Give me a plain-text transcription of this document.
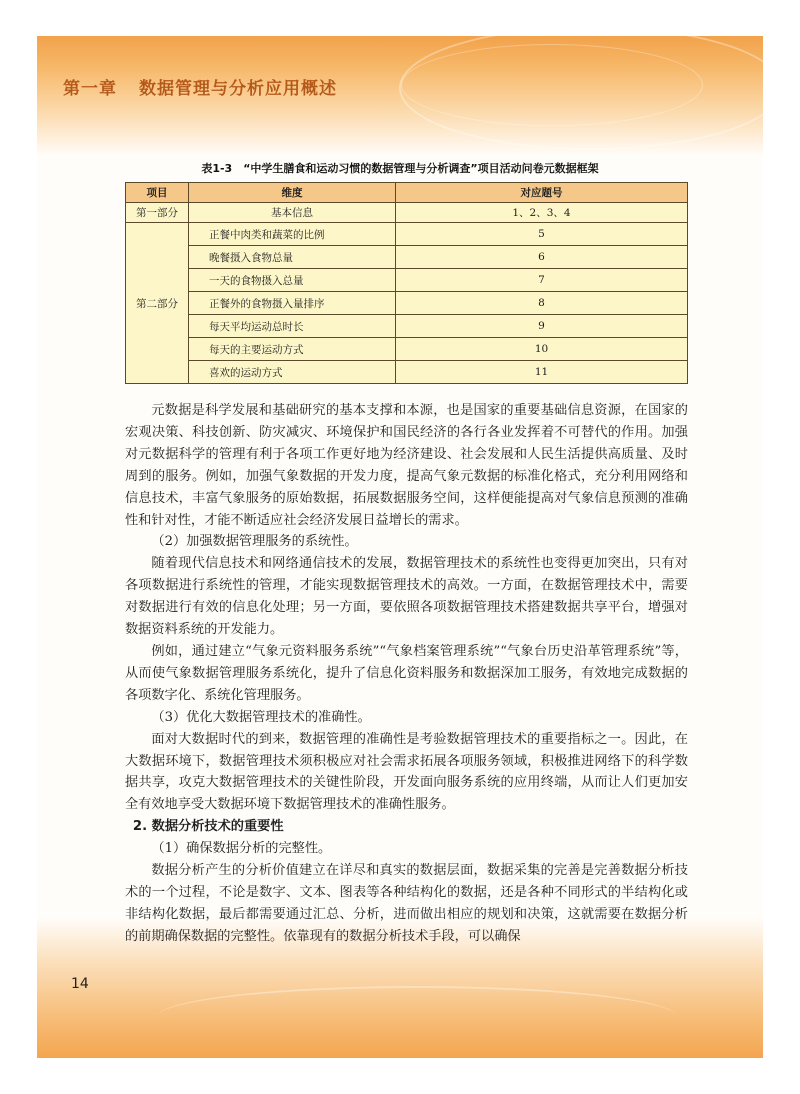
第一章 数据管理与分析应用概述
14
表1-3　“中学生膳食和运动习惯的数据管理与分析调查”项目活动问卷元数据框架
项目	维度	对应题号
第一部分	基本信息	1、2、3、4
第二部分	正餐中肉类和蔬菜的比例	5
	晚餐摄入食物总量	6
	一天的食物摄入总量	7
	正餐外的食物摄入量排序	8
	每天平均运动总时长	9
	每天的主要运动方式	10
	喜欢的运动方式	11

元数据是科学发展和基础研究的基本支撑和本源，也是国家的重要基础信息资源，在国家的宏观决策、科技创新、防灾减灾、环境保护和国民经济的各行各业发挥着不可替代的作用。加强对元数据科学的管理有利于各项工作更好地为经济建设、社会发展和人民生活提供高质量、及时周到的服务。例如，加强气象数据的开发力度，提高气象元数据的标准化格式，充分利用网络和信息技术，丰富气象服务的原始数据，拓展数据服务空间，这样便能提高对气象信息预测的准确性和针对性，才能不断适应社会经济发展日益增长的需求。

（2）加强数据管理服务的系统性。

随着现代信息技术和网络通信技术的发展，数据管理技术的系统性也变得更加突出，只有对各项数据进行系统性的管理，才能实现数据管理技术的高效。一方面，在数据管理技术中，需要对数据进行有效的信息化处理；另一方面，要依照各项数据管理技术搭建数据共享平台，增强对数据资料系统的开发能力。

例如，通过建立“气象元资料服务系统”“气象档案管理系统”“气象台历史沿革管理系统”等，从而使气象数据管理服务系统化，提升了信息化资料服务和数据深加工服务，有效地完成数据的各项数字化、系统化管理服务。

（3）优化大数据管理技术的准确性。

面对大数据时代的到来，数据管理的准确性是考验数据管理技术的重要指标之一。因此，在大数据环境下，数据管理技术须积极应对社会需求拓展各项服务领域，积极推进网络下的科学数据共享，攻克大数据管理技术的关键性阶段，开发面向服务系统的应用终端，从而让人们更加安全有效地享受大数据环境下数据管理技术的准确性服务。

2. 数据分析技术的重要性

（1）确保数据分析的完整性。

数据分析产生的分析价值建立在详尽和真实的数据层面，数据采集的完善是完善数据分析技术的一个过程，不论是数字、文本、图表等各种结构化的数据，还是各种不同形式的半结构化或非结构化数据，最后都需要通过汇总、分析，进而做出相应的规划和决策，这就需要在数据分析的前期确保数据的完整性。依靠现有的数据分析技术手段，可以确保
